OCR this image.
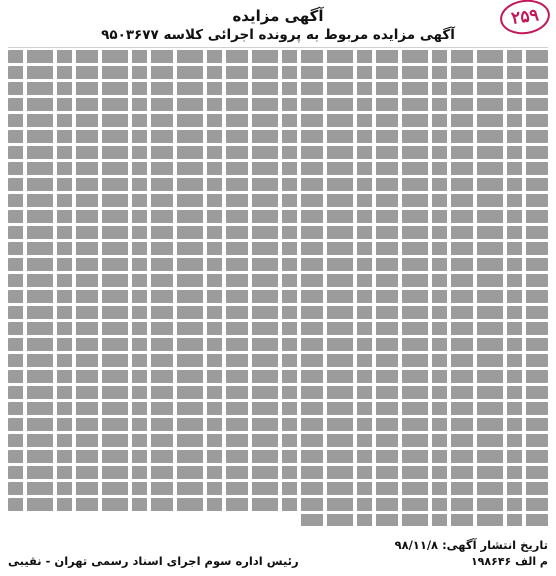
۲۵۹
آگهی مزایده
آگهی مزایده مربوط به پرونده اجرائی کلاسه ۹۵۰۳۶۷۷
تاریخ انتشار آگهی: ۹۸/۱۱/۸
۱۹۸۶۴۶ م الف
رئیس اداره سوم اجرای اسناد رسمی تهران - نقیبی
